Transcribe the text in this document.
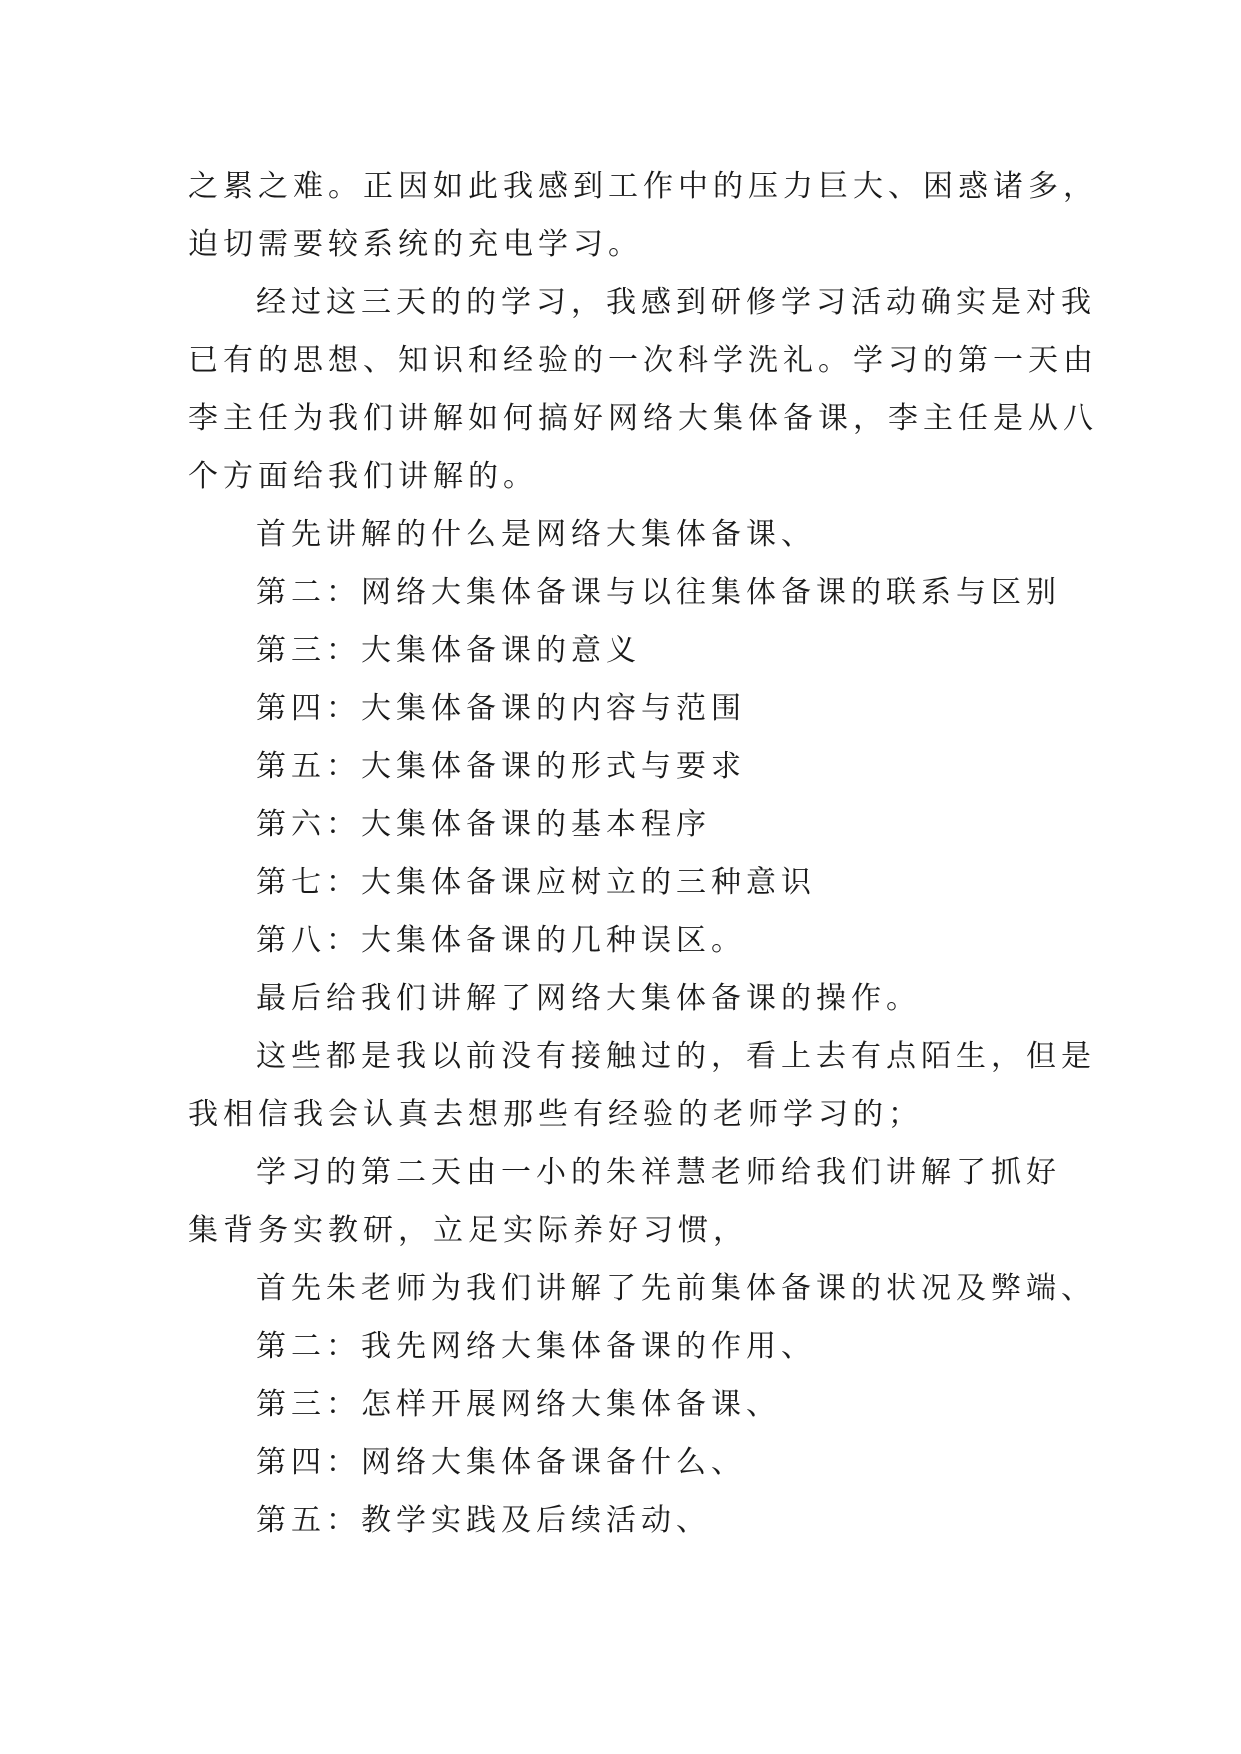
之累之难。正因如此我感到工作中的压力巨大、困惑诸多，
迫切需要较系统的充电学习。
经过这三天的的学习，我感到研修学习活动确实是对我
已有的思想、知识和经验的一次科学洗礼。学习的第一天由
李主任为我们讲解如何搞好网络大集体备课，李主任是从八
个方面给我们讲解的。
首先讲解的什么是网络大集体备课、
第二：网络大集体备课与以往集体备课的联系与区别
第三：大集体备课的意义
第四：大集体备课的内容与范围
第五：大集体备课的形式与要求
第六：大集体备课的基本程序
第七：大集体备课应树立的三种意识
第八：大集体备课的几种误区。
最后给我们讲解了网络大集体备课的操作。
这些都是我以前没有接触过的，看上去有点陌生，但是
我相信我会认真去想那些有经验的老师学习的；
学习的第二天由一小的朱祥慧老师给我们讲解了抓好
集背务实教研，立足实际养好习惯，
首先朱老师为我们讲解了先前集体备课的状况及弊端、
第二：我先网络大集体备课的作用、
第三：怎样开展网络大集体备课、
第四：网络大集体备课备什么、
第五：教学实践及后续活动、
